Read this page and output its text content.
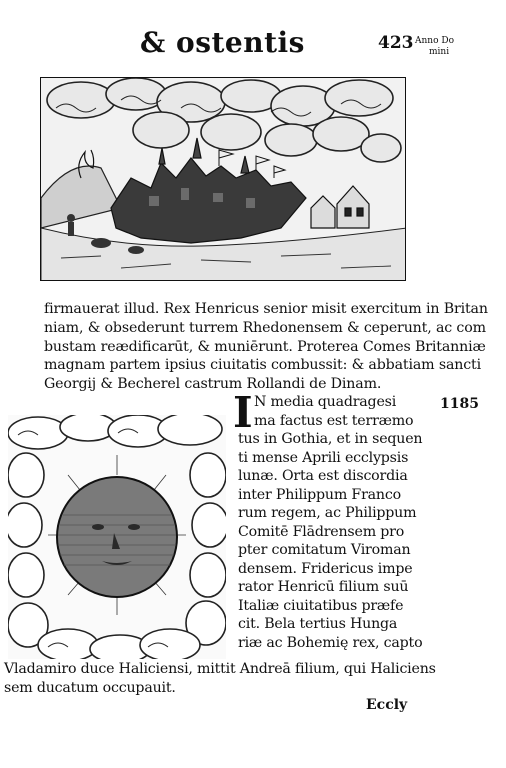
& ostentis	423 Anno Do
mini
firmauerat illud. Rex Henricus senior misit exercitum in Britan
niam, & obsederunt turrem Rhedonensem & ceperunt, ac com
bustam reædificarūt, & muniērunt. Proterea Comes Britanniæ
magnam partem ipsius ciuitatis combussit: & abbatiam sancti
Georgij & Becherel castrum Rollandi de Dinam.
I	1185
N media quadragesi
ma factus est terræmo
tus in Gothia, et in sequen
ti mense Aprili ecclypsis
lunæ. Orta est discordia
inter Philippum Franco
rum regem, ac Philippum
Comitē Flādrensem pro
pter comitatum Viroman
densem. Fridericus impe
rator Henricū filium suū
Italiæ ciuitatibus præfe
cit. Bela tertius Hunga
riæ ac Bohemię rex, capto
Vladamiro duce Haliciensi, mittit Andreā filium, qui Haliciens
sem ducatum occupauit.
Eccly
